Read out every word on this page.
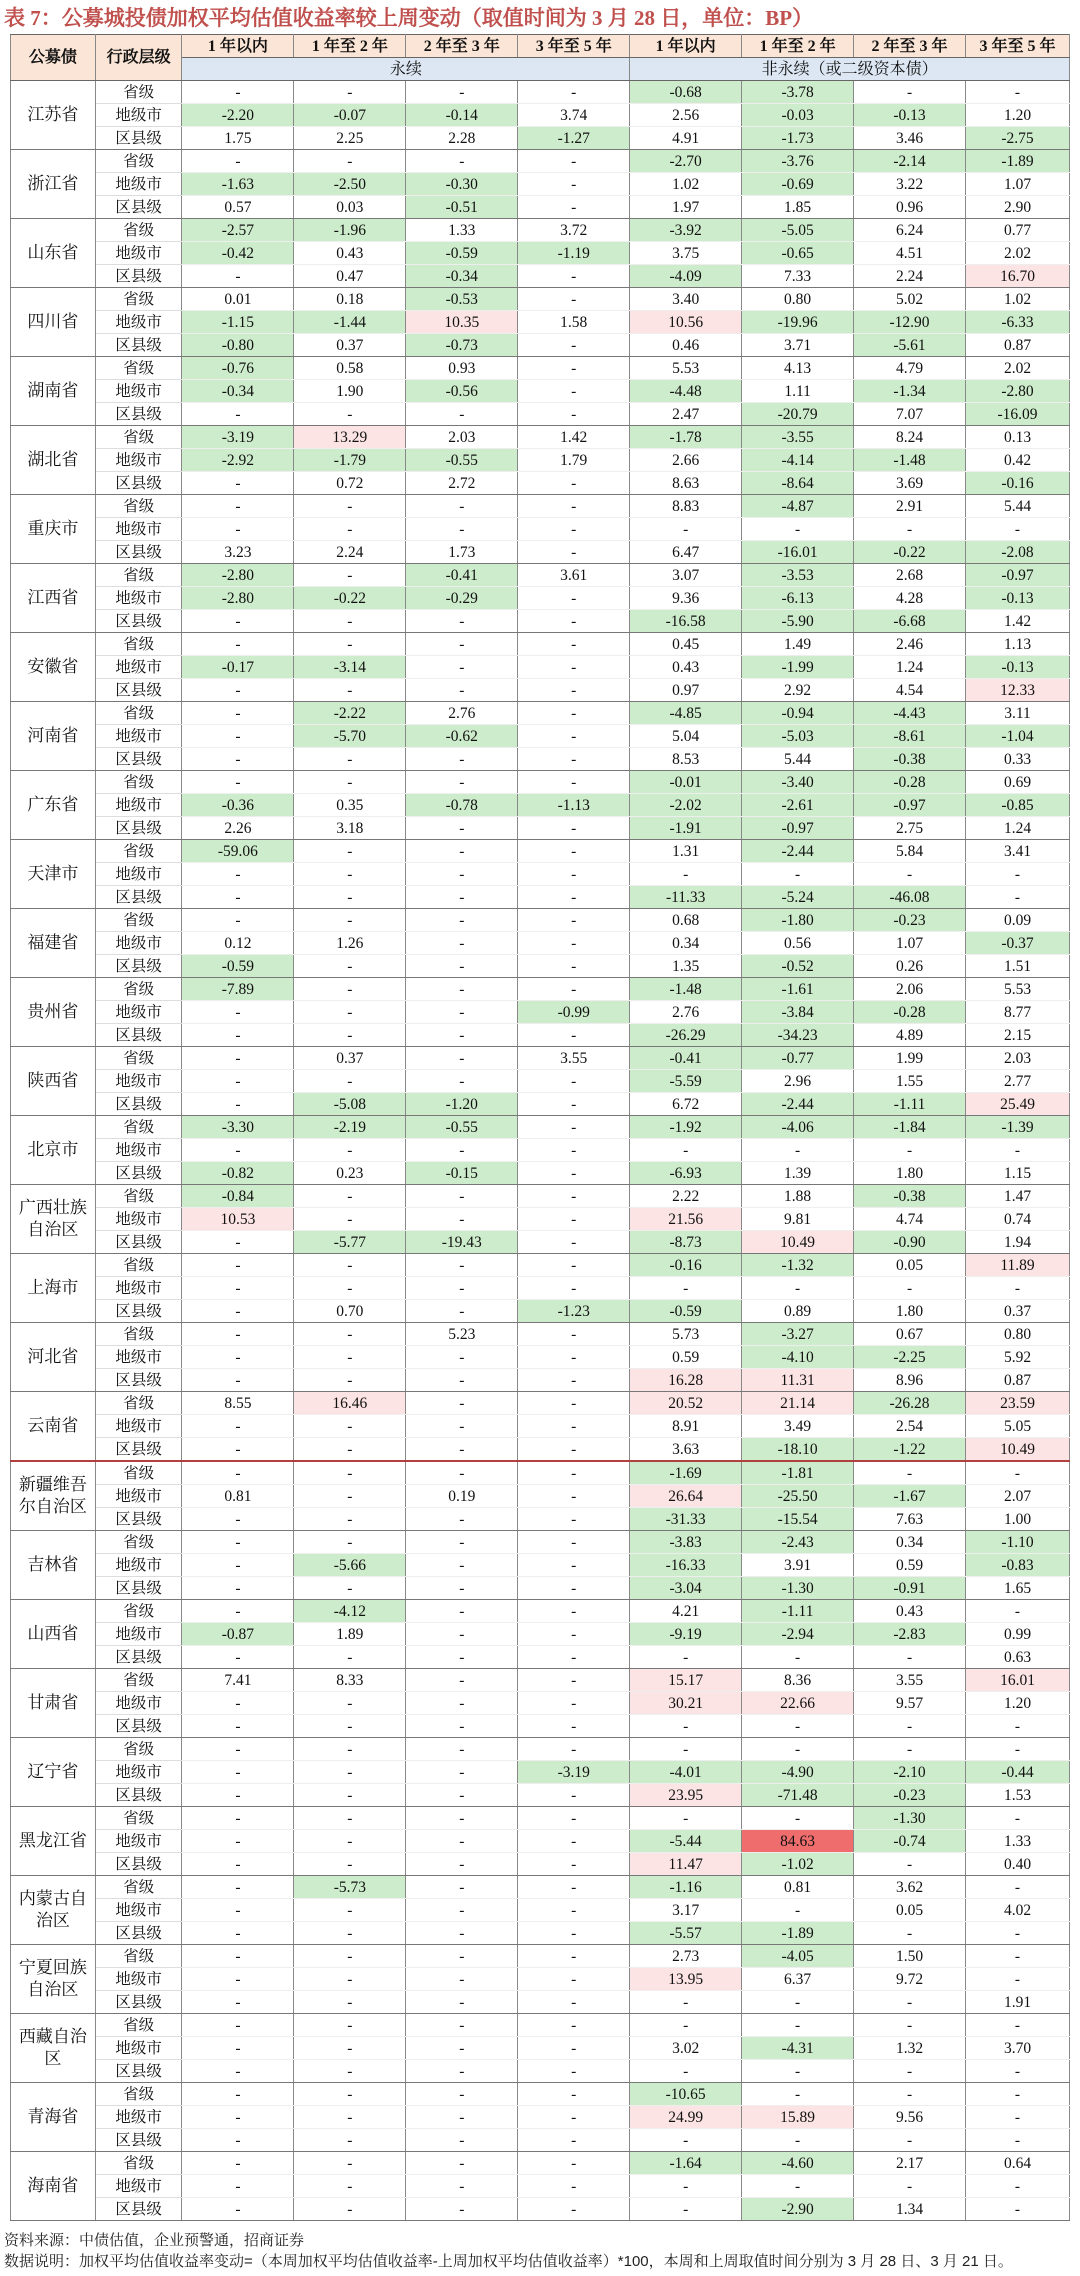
表 7：公募城投债加权平均估值收益率较上周变动（取值时间为 3 月 28 日，单位：BP）
公募债	行政层级	1 年以内	1 年至 2 年	2 年至 3 年	3 年至 5 年	1 年以内	1 年至 2 年	2 年至 3 年	3 年至 5 年
		永续				非永续（或二级资本债）			
江苏省	省级	-	-	-	-	-0.68	-3.78	-	-
	地级市	-2.20	-0.07	-0.14	3.74	2.56	-0.03	-0.13	1.20
	区县级	1.75	2.25	2.28	-1.27	4.91	-1.73	3.46	-2.75
浙江省	省级	-	-	-	-	-2.70	-3.76	-2.14	-1.89
	地级市	-1.63	-2.50	-0.30	-	1.02	-0.69	3.22	1.07
	区县级	0.57	0.03	-0.51	-	1.97	1.85	0.96	2.90
山东省	省级	-2.57	-1.96	1.33	3.72	-3.92	-5.05	6.24	0.77
	地级市	-0.42	0.43	-0.59	-1.19	3.75	-0.65	4.51	2.02
	区县级	-	0.47	-0.34	-	-4.09	7.33	2.24	16.70
四川省	省级	0.01	0.18	-0.53	-	3.40	0.80	5.02	1.02
	地级市	-1.15	-1.44	10.35	1.58	10.56	-19.96	-12.90	-6.33
	区县级	-0.80	0.37	-0.73	-	0.46	3.71	-5.61	0.87
湖南省	省级	-0.76	0.58	0.93	-	5.53	4.13	4.79	2.02
	地级市	-0.34	1.90	-0.56	-	-4.48	1.11	-1.34	-2.80
	区县级	-	-	-	-	2.47	-20.79	7.07	-16.09
湖北省	省级	-3.19	13.29	2.03	1.42	-1.78	-3.55	8.24	0.13
	地级市	-2.92	-1.79	-0.55	1.79	2.66	-4.14	-1.48	0.42
	区县级	-	0.72	2.72	-	8.63	-8.64	3.69	-0.16
重庆市	省级	-	-	-	-	8.83	-4.87	2.91	5.44
	地级市	-	-	-	-	-	-	-	-
	区县级	3.23	2.24	1.73	-	6.47	-16.01	-0.22	-2.08
江西省	省级	-2.80	-	-0.41	3.61	3.07	-3.53	2.68	-0.97
	地级市	-2.80	-0.22	-0.29	-	9.36	-6.13	4.28	-0.13
	区县级	-	-	-	-	-16.58	-5.90	-6.68	1.42
安徽省	省级	-	-	-	-	0.45	1.49	2.46	1.13
	地级市	-0.17	-3.14	-	-	0.43	-1.99	1.24	-0.13
	区县级	-	-	-	-	0.97	2.92	4.54	12.33
河南省	省级	-	-2.22	2.76	-	-4.85	-0.94	-4.43	3.11
	地级市	-	-5.70	-0.62	-	5.04	-5.03	-8.61	-1.04
	区县级	-	-	-	-	8.53	5.44	-0.38	0.33
广东省	省级	-	-	-	-	-0.01	-3.40	-0.28	0.69
	地级市	-0.36	0.35	-0.78	-1.13	-2.02	-2.61	-0.97	-0.85
	区县级	2.26	3.18	-	-	-1.91	-0.97	2.75	1.24
天津市	省级	-59.06	-	-	-	1.31	-2.44	5.84	3.41
	地级市	-	-	-	-	-	-	-	-
	区县级	-	-	-	-	-11.33	-5.24	-46.08	-
福建省	省级	-	-	-	-	0.68	-1.80	-0.23	0.09
	地级市	0.12	1.26	-	-	0.34	0.56	1.07	-0.37
	区县级	-0.59	-	-	-	1.35	-0.52	0.26	1.51
贵州省	省级	-7.89	-	-	-	-1.48	-1.61	2.06	5.53
	地级市	-	-	-	-0.99	2.76	-3.84	-0.28	8.77
	区县级	-	-	-	-	-26.29	-34.23	4.89	2.15
陕西省	省级	-	0.37	-	3.55	-0.41	-0.77	1.99	2.03
	地级市	-	-	-	-	-5.59	2.96	1.55	2.77
	区县级	-	-5.08	-1.20	-	6.72	-2.44	-1.11	25.49
北京市	省级	-3.30	-2.19	-0.55	-	-1.92	-4.06	-1.84	-1.39
	地级市	-	-	-	-	-	-	-	-
	区县级	-0.82	0.23	-0.15	-	-6.93	1.39	1.80	1.15
广西壮族自治区	省级	-0.84	-	-	-	2.22	1.88	-0.38	1.47
	地级市	10.53	-	-	-	21.56	9.81	4.74	0.74
	区县级	-	-5.77	-19.43	-	-8.73	10.49	-0.90	1.94
上海市	省级	-	-	-	-	-0.16	-1.32	0.05	11.89
	地级市	-	-	-	-	-	-	-	-
	区县级	-	0.70	-	-1.23	-0.59	0.89	1.80	0.37
河北省	省级	-	-	5.23	-	5.73	-3.27	0.67	0.80
	地级市	-	-	-	-	0.59	-4.10	-2.25	5.92
	区县级	-	-	-	-	16.28	11.31	8.96	0.87
云南省	省级	8.55	16.46	-	-	20.52	21.14	-26.28	23.59
	地级市	-	-	-	-	8.91	3.49	2.54	5.05
	区县级	-	-	-	-	3.63	-18.10	-1.22	10.49
新疆维吾尔自治区	省级	-	-	-	-	-1.69	-1.81	-	-
	地级市	0.81	-	0.19	-	26.64	-25.50	-1.67	2.07
	区县级	-	-	-	-	-31.33	-15.54	7.63	1.00
吉林省	省级	-	-	-	-	-3.83	-2.43	0.34	-1.10
	地级市	-	-5.66	-	-	-16.33	3.91	0.59	-0.83
	区县级	-	-	-	-	-3.04	-1.30	-0.91	1.65
山西省	省级	-	-4.12	-	-	4.21	-1.11	0.43	-
	地级市	-0.87	1.89	-	-	-9.19	-2.94	-2.83	0.99
	区县级	-	-	-	-	-	-	-	0.63
甘肃省	省级	7.41	8.33	-	-	15.17	8.36	3.55	16.01
	地级市	-	-	-	-	30.21	22.66	9.57	1.20
	区县级	-	-	-	-	-	-	-	-
辽宁省	省级	-	-	-	-	-	-	-	-
	地级市	-	-	-	-3.19	-4.01	-4.90	-2.10	-0.44
	区县级	-	-	-	-	23.95	-71.48	-0.23	1.53
黑龙江省	省级	-	-	-	-	-	-	-1.30	-
	地级市	-	-	-	-	-5.44	84.63	-0.74	1.33
	区县级	-	-	-	-	11.47	-1.02	-	0.40
内蒙古自治区	省级	-	-5.73	-	-	-1.16	0.81	3.62	-
	地级市	-	-	-	-	3.17	-	0.05	4.02
	区县级	-	-	-	-	-5.57	-1.89	-	-
宁夏回族自治区	省级	-	-	-	-	2.73	-4.05	1.50	-
	地级市	-	-	-	-	13.95	6.37	9.72	-
	区县级	-	-	-	-	-	-	-	1.91
西藏自治区	省级	-	-	-	-	-	-	-	-
	地级市	-	-	-	-	3.02	-4.31	1.32	3.70
	区县级	-	-	-	-	-	-	-	-
青海省	省级	-	-	-	-	-10.65	-	-	-
	地级市	-	-	-	-	24.99	15.89	9.56	-
	区县级	-	-	-	-	-	-	-	-
海南省	省级	-	-	-	-	-1.64	-4.60	2.17	0.64
	地级市	-	-	-	-	-	-	-	-
	区县级	-	-	-	-	-	-2.90	1.34	-
资料来源：中债估值，企业预警通，招商证券
数据说明：加权平均估值收益率变动=（本周加权平均估值收益率-上周加权平均估值收益率）*100，本周和上周取值时间分别为 3 月 28 日、3 月 21 日。
